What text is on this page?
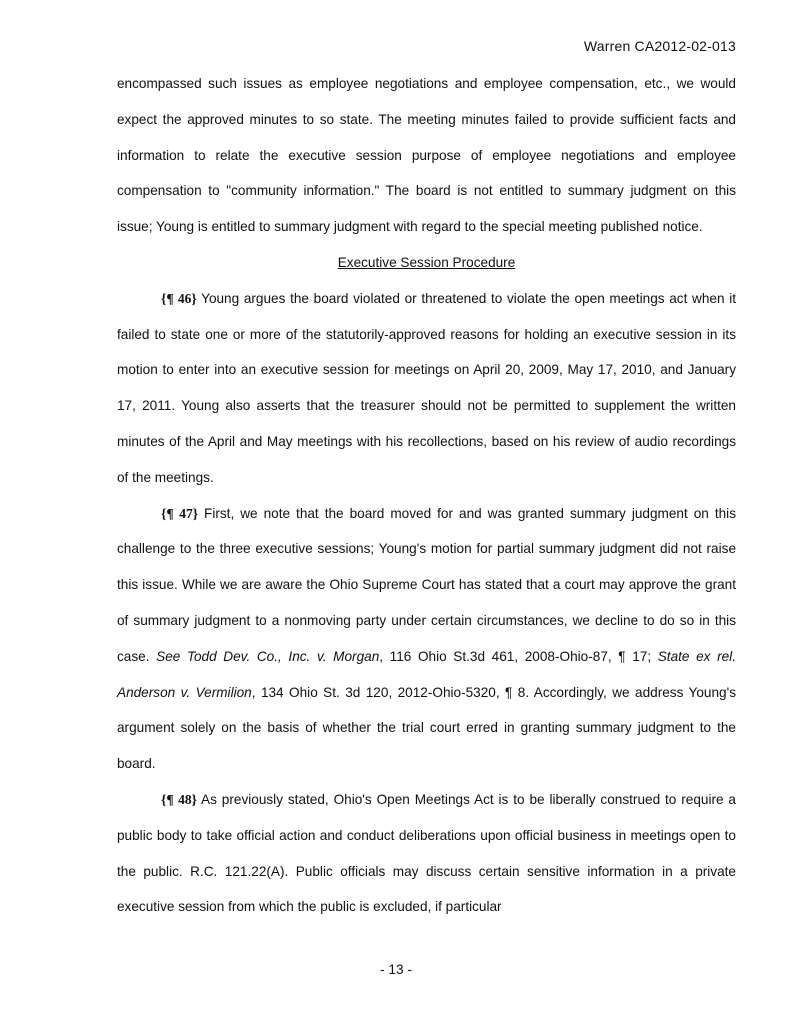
Warren CA2012-02-013

encompassed such issues as employee negotiations and employee compensation, etc., we would expect the approved minutes to so state. The meeting minutes failed to provide sufficient facts and information to relate the executive session purpose of employee negotiations and employee compensation to "community information." The board is not entitled to summary judgment on this issue; Young is entitled to summary judgment with regard to the special meeting published notice.

Executive Session Procedure

{¶ 46} Young argues the board violated or threatened to violate the open meetings act when it failed to state one or more of the statutorily-approved reasons for holding an executive session in its motion to enter into an executive session for meetings on April 20, 2009, May 17, 2010, and January 17, 2011. Young also asserts that the treasurer should not be permitted to supplement the written minutes of the April and May meetings with his recollections, based on his review of audio recordings of the meetings.

{¶ 47} First, we note that the board moved for and was granted summary judgment on this challenge to the three executive sessions; Young's motion for partial summary judgment did not raise this issue. While we are aware the Ohio Supreme Court has stated that a court may approve the grant of summary judgment to a nonmoving party under certain circumstances, we decline to do so in this case. See Todd Dev. Co., Inc. v. Morgan, 116 Ohio St.3d 461, 2008-Ohio-87, ¶ 17; State ex rel. Anderson v. Vermilion, 134 Ohio St. 3d 120, 2012-Ohio-5320, ¶ 8. Accordingly, we address Young's argument solely on the basis of whether the trial court erred in granting summary judgment to the board.

{¶ 48} As previously stated, Ohio's Open Meetings Act is to be liberally construed to require a public body to take official action and conduct deliberations upon official business in meetings open to the public. R.C. 121.22(A). Public officials may discuss certain sensitive information in a private executive session from which the public is excluded, if particular

- 13 -
